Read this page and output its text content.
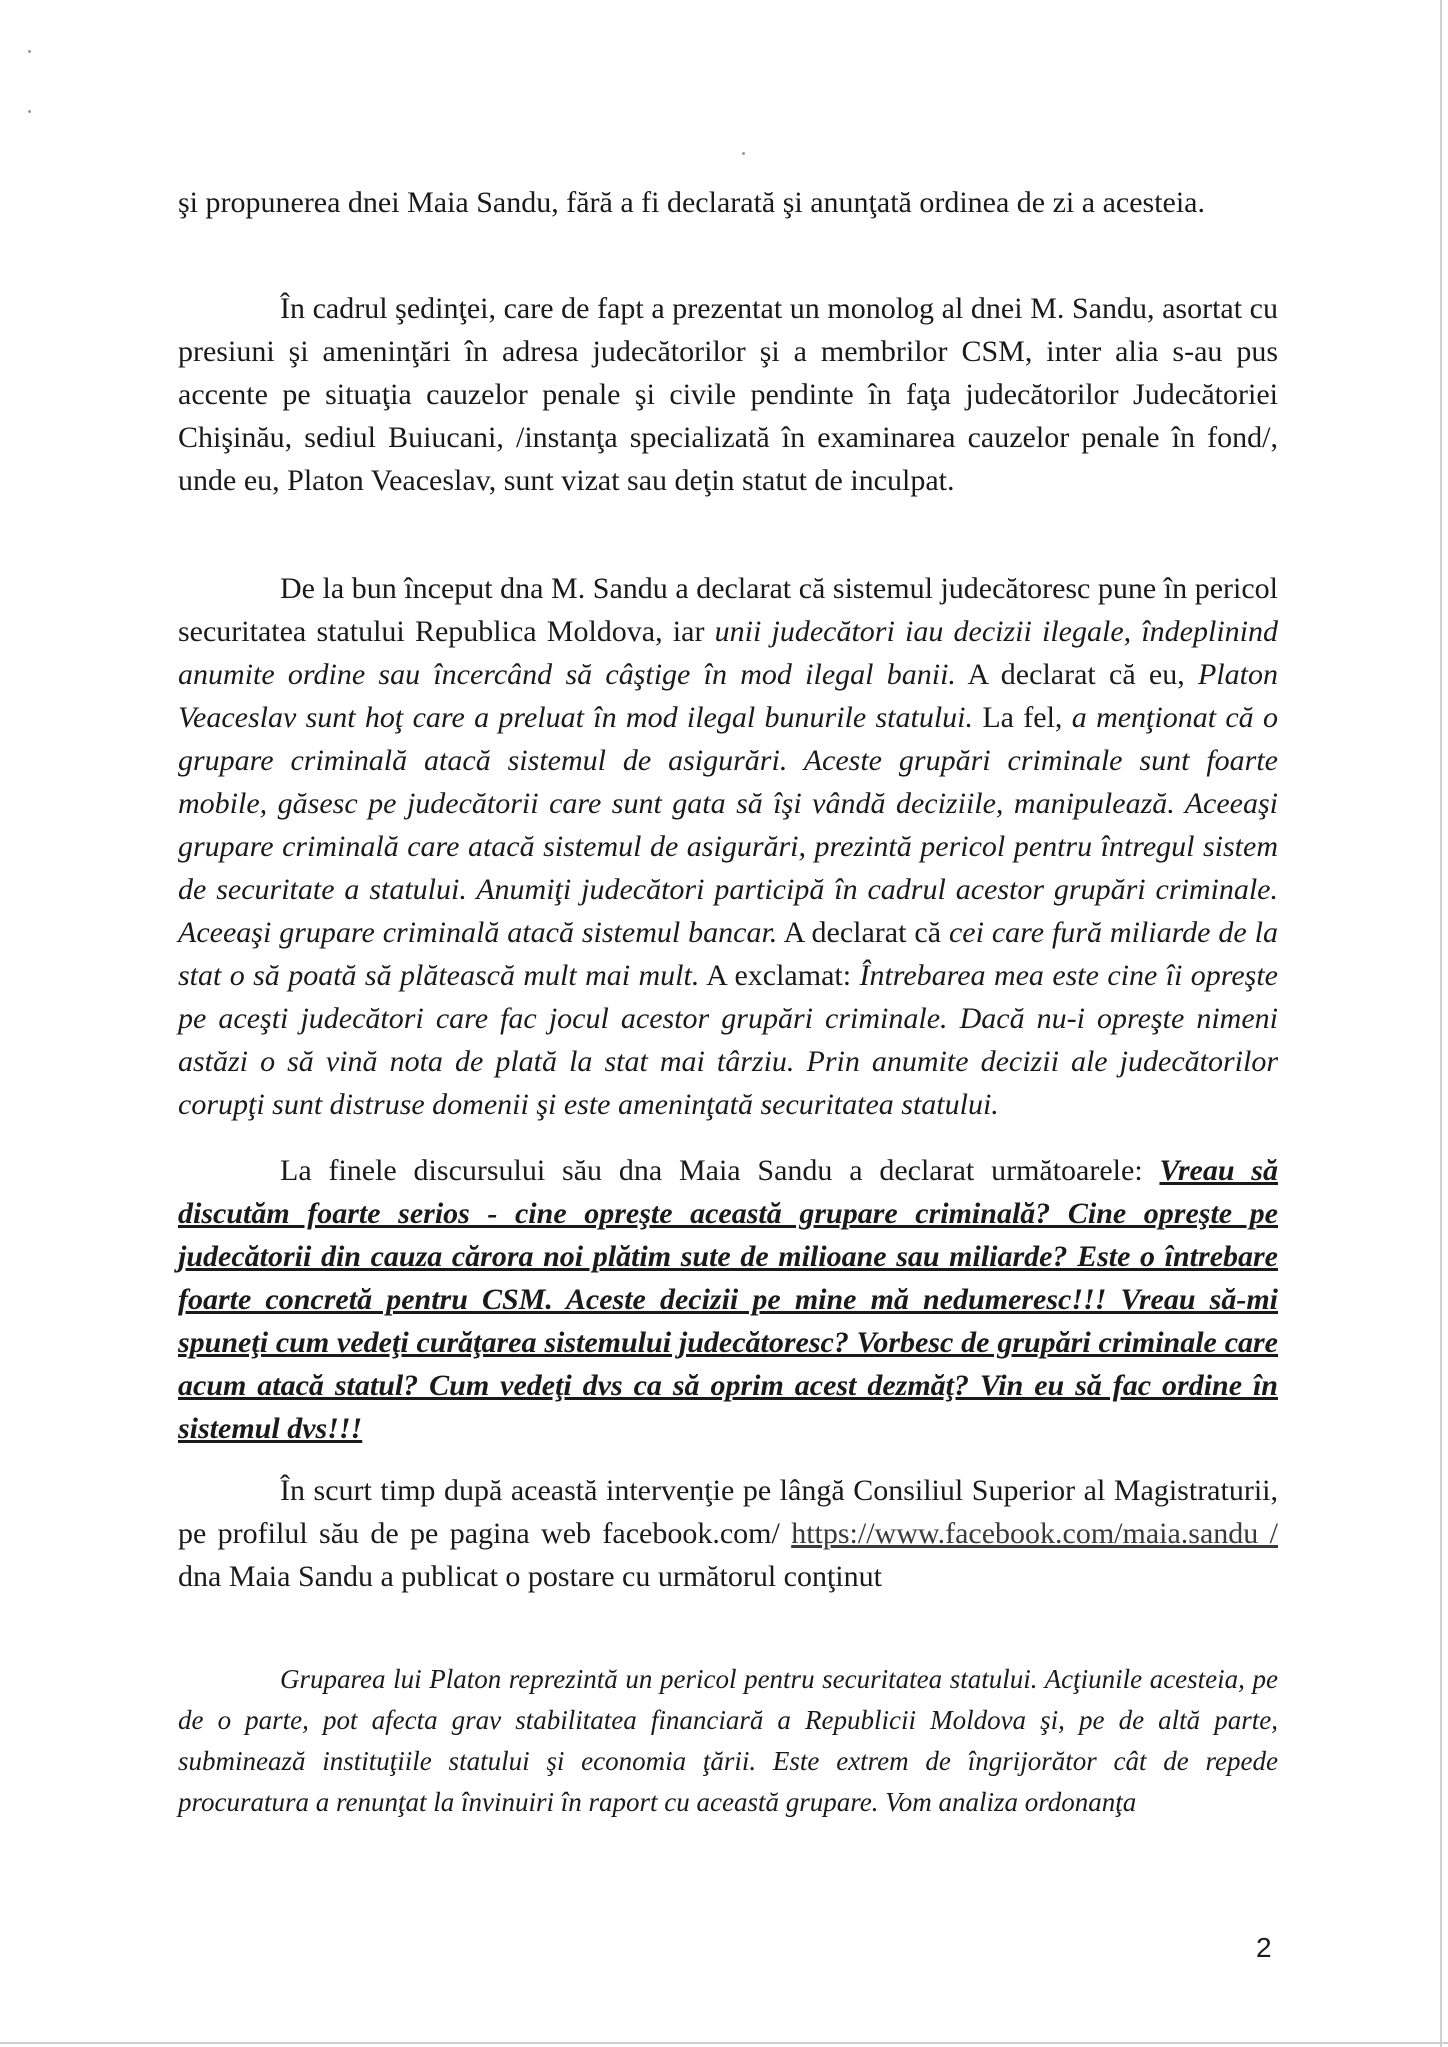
şi propunerea dnei Maia Sandu, fără a fi declarată şi anunţată ordinea de zi a acesteia.

În cadrul şedinţei, care de fapt a prezentat un monolog al dnei M. Sandu, asortat cu presiuni şi ameninţări în adresa judecătorilor şi a membrilor CSM, inter alia s-au pus accente pe situaţia cauzelor penale şi civile pendinte în faţa judecătorilor Judecătoriei Chişinău, sediul Buiucani, /instanţa specializată în examinarea cauzelor penale în fond/, unde eu, Platon Veaceslav, sunt vizat sau deţin statut de inculpat.

De la bun început dna M. Sandu a declarat că sistemul judecătoresc pune în pericol securitatea statului Republica Moldova, iar unii judecători iau decizii ilegale, îndeplinind anumite ordine sau încercând să câştige în mod ilegal banii. A declarat că eu, Platon Veaceslav sunt hoţ care a preluat în mod ilegal bunurile statului. La fel, a menţionat că o grupare criminală atacă sistemul de asigurări. Aceste grupări criminale sunt foarte mobile, găsesc pe judecătorii care sunt gata să îşi vândă deciziile, manipulează. Aceeaşi grupare criminală care atacă sistemul de asigurări, prezintă pericol pentru întregul sistem de securitate a statului. Anumiţi judecători participă în cadrul acestor grupări criminale. Aceeaşi grupare criminală atacă sistemul bancar. A declarat că cei care fură miliarde de la stat o să poată să plătească mult mai mult. A exclamat: Întrebarea mea este cine îi opreşte pe aceşti judecători care fac jocul acestor grupări criminale. Dacă nu-i opreşte nimeni astăzi o să vină nota de plată la stat mai târziu. Prin anumite decizii ale judecătorilor corupţi sunt distruse domenii şi este ameninţată securitatea statului.

La finele discursului său dna Maia Sandu a declarat următoarele: Vreau să discutăm foarte serios - cine opreşte această grupare criminală? Cine opreşte pe judecătorii din cauza cărora noi plătim sute de milioane sau miliarde? Este o întrebare foarte concretă pentru CSM. Aceste decizii pe mine mă nedumeresc!!! Vreau să-mi spuneţi cum vedeţi curăţarea sistemului judecătoresc? Vorbesc de grupări criminale care acum atacă statul? Cum vedeţi dvs ca să oprim acest dezmăţ? Vin eu să fac ordine în sistemul dvs!!!

În scurt timp după această intervenţie pe lângă Consiliul Superior al Magistraturii, pe profilul său de pe pagina web facebook.com/ https://www.facebook.com/maia.sandu / dna Maia Sandu a publicat o postare cu următorul conţinut

Gruparea lui Platon reprezintă un pericol pentru securitatea statului. Acţiunile acesteia, pe de o parte, pot afecta grav stabilitatea financiară a Republicii Moldova şi, pe de altă parte, subminează instituţiile statului şi economia ţării. Este extrem de îngrijorător cât de repede procuratura a renunţat la învinuiri în raport cu această grupare. Vom analiza ordonanţa

2
